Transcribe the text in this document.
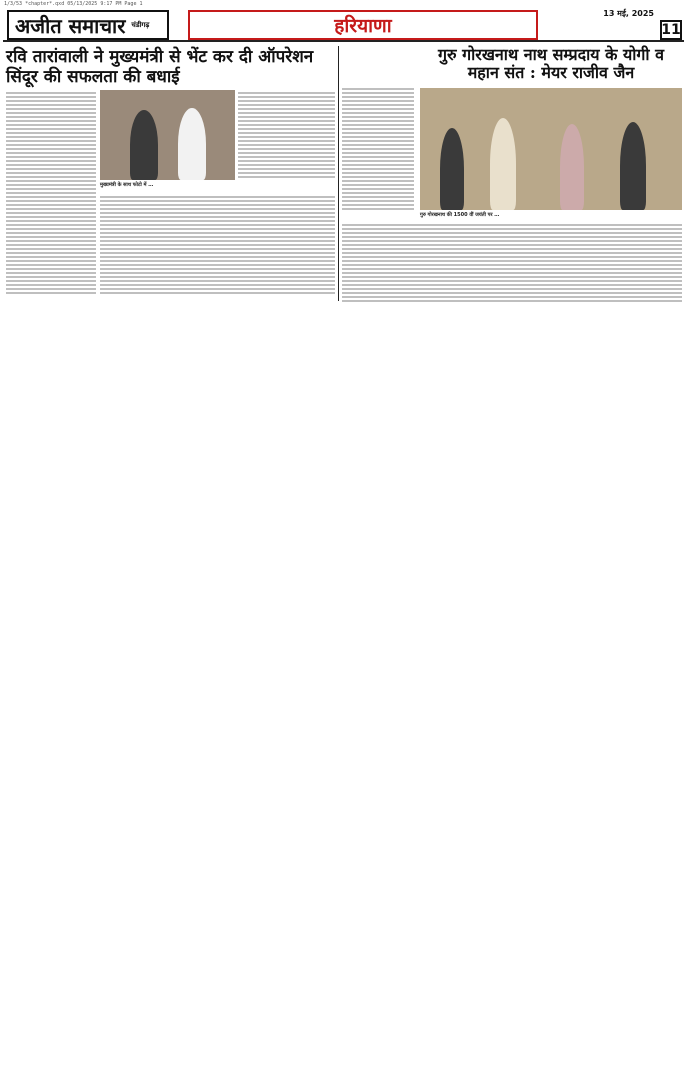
1/3/53 *chapter*.qxd 05/13/2025 9:17 PM Page 1
अजीत समाचार चंडीगढ़	हरियाणा
13 मई, 2025
11
रवि तारांवाली ने मुख्यमंत्री से भेंट कर दी ऑपरेशन सिंदूर की सफलता की बधाई
मुख्यमंत्री के साथ फोटो में …
गुरु गोरखनाथ नाथ सम्प्रदाय के योगी व महान संत : मेयर राजीव जैन
गुरु गोरखनाथ की 1500 वीं जयंती पर …
